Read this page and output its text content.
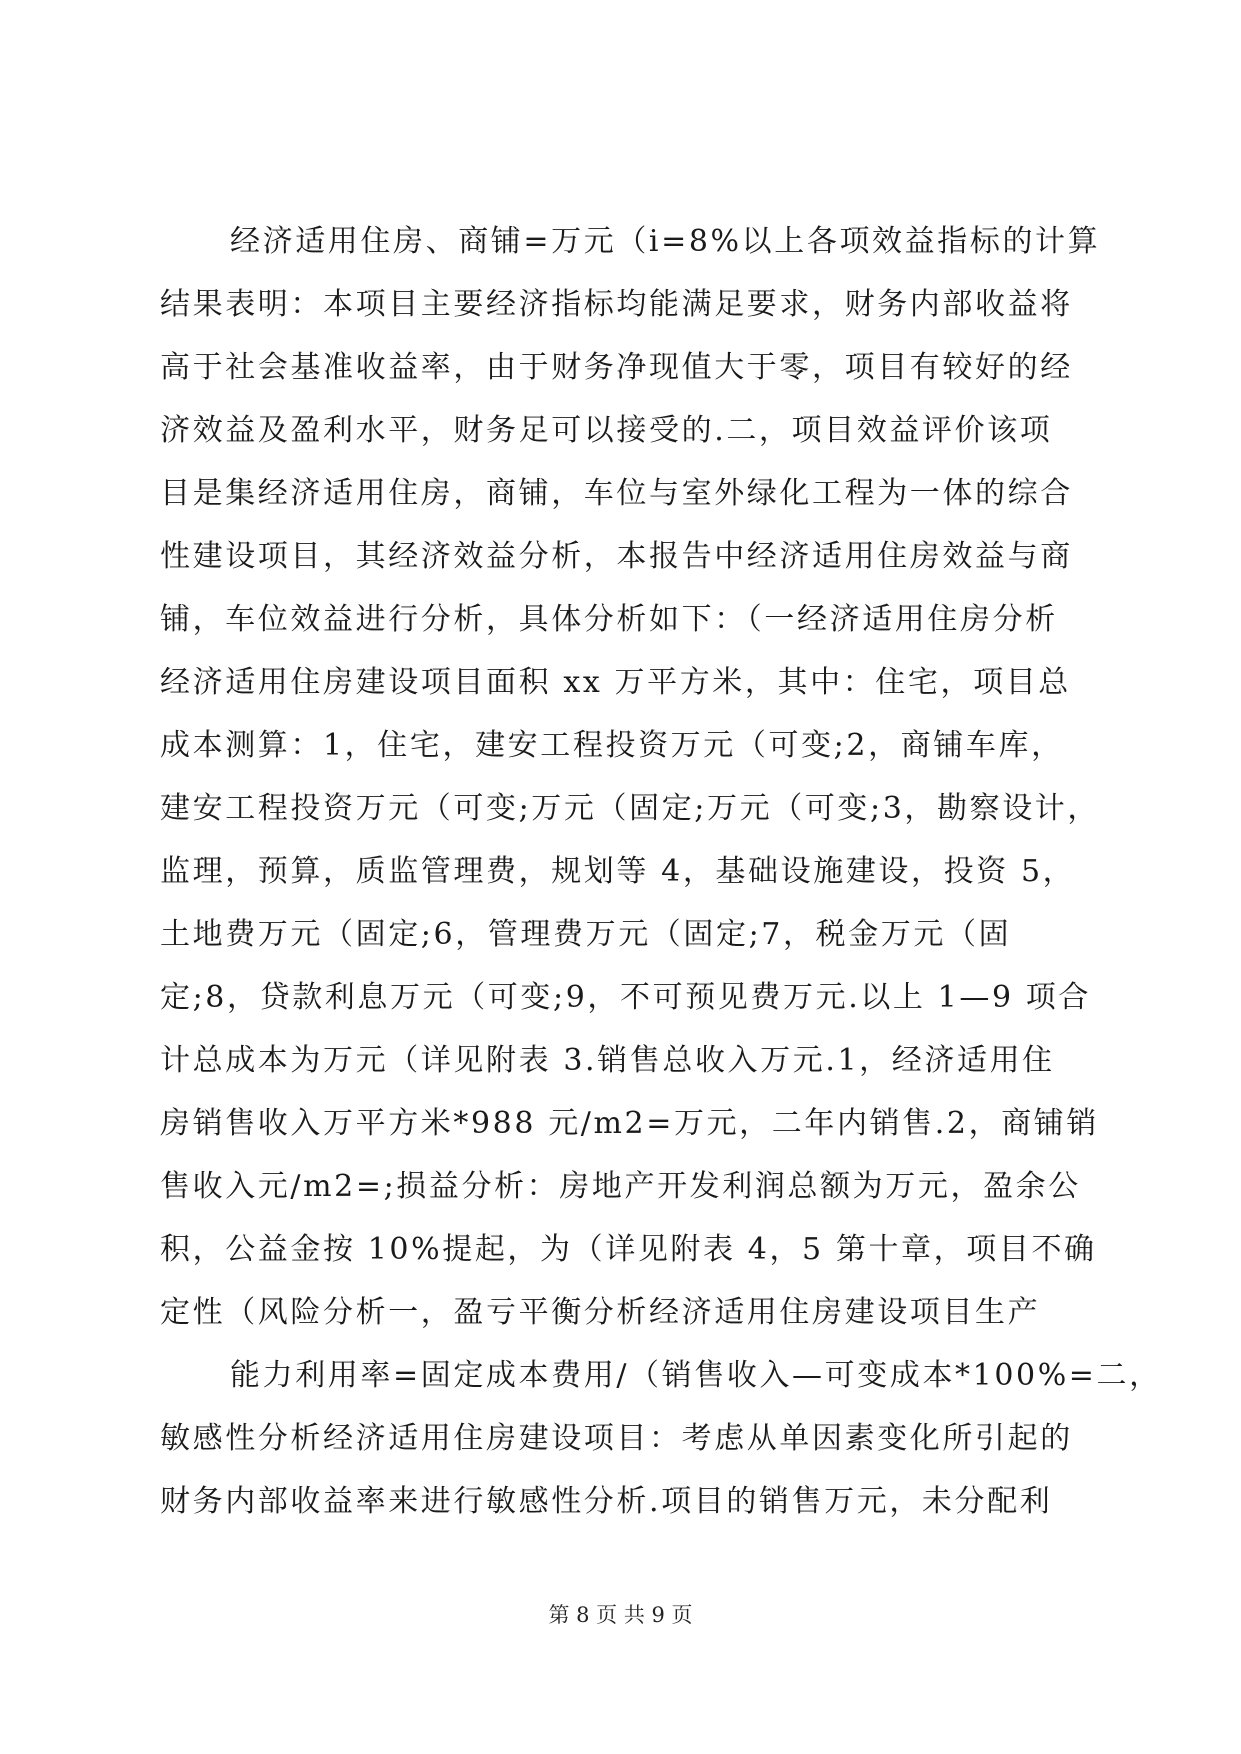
经济适用住房、商铺=万元（i=8%以上各项效益指标的计算
结果表明：本项目主要经济指标均能满足要求，财务内部收益将
高于社会基准收益率，由于财务净现值大于零，项目有较好的经
济效益及盈利水平，财务足可以接受的.二，项目效益评价该项
目是集经济适用住房，商铺，车位与室外绿化工程为一体的综合
性建设项目，其经济效益分析，本报告中经济适用住房效益与商
铺，车位效益进行分析，具体分析如下：（一经济适用住房分析
经济适用住房建设项目面积 xx 万平方米，其中：住宅，项目总
成本测算：1，住宅，建安工程投资万元（可变;2，商铺车库，
建安工程投资万元（可变;万元（固定;万元（可变;3，勘察设计，
监理，预算，质监管理费，规划等 4，基础设施建设，投资 5，
土地费万元（固定;6，管理费万元（固定;7，税金万元（固
定;8，贷款利息万元（可变;9，不可预见费万元.以上 1—9 项合
计总成本为万元（详见附表 3.销售总收入万元.1，经济适用住
房销售收入万平方米*988 元/m2=万元，二年内销售.2，商铺销
售收入元/m2=;损益分析：房地产开发利润总额为万元，盈余公
积，公益金按 10%提起，为（详见附表 4，5 第十章，项目不确
定性（风险分析一，盈亏平衡分析经济适用住房建设项目生产
能力利用率=固定成本费用/（销售收入—可变成本*100%=二，
敏感性分析经济适用住房建设项目：考虑从单因素变化所引起的
财务内部收益率来进行敏感性分析.项目的销售万元，未分配利
第 8 页 共 9 页
